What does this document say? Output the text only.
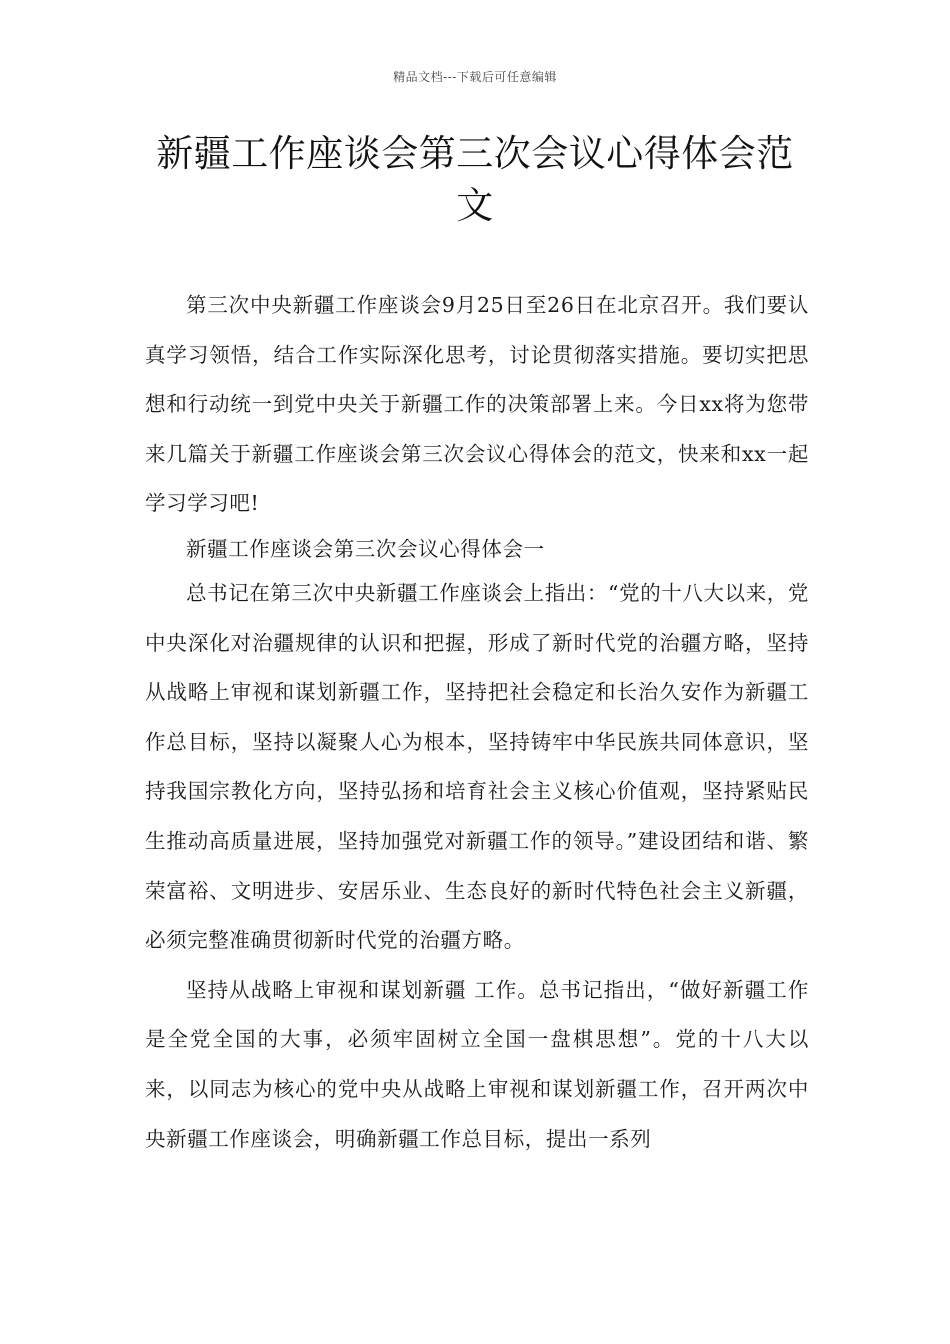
精品文档---下载后可任意编辑
新疆工作座谈会第三次会议心得体会范文

第三次中央新疆工作座谈会9月25日至26日在北京召开。我们要认真学习领悟，结合工作实际深化思考，讨论贯彻落实措施。要切实把思想和行动统一到党中央关于新疆工作的决策部署上来。今日xx将为您带来几篇关于新疆工作座谈会第三次会议心得体会的范文，快来和xx一起学习学习吧!

新疆工作座谈会第三次会议心得体会一

总书记在第三次中央新疆工作座谈会上指出：“党的十八大以来，党中央深化对治疆规律的认识和把握，形成了新时代党的治疆方略，坚持从战略上审视和谋划新疆工作，坚持把社会稳定和长治久安作为新疆工作总目标，坚持以凝聚人心为根本，坚持铸牢中华民族共同体意识，坚持我国宗教化方向，坚持弘扬和培育社会主义核心价值观，坚持紧贴民生推动高质量进展，坚持加强党对新疆工作的领导。”建设团结和谐、繁荣富裕、文明进步、安居乐业、生态良好的新时代特色社会主义新疆，必须完整准确贯彻新时代党的治疆方略。

坚持从战略上审视和谋划新疆 工作。总书记指出，“做好新疆工作是全党全国的大事，必须牢固树立全国一盘棋思想”。党的十八大以来，以同志为核心的党中央从战略上审视和谋划新疆工作，召开两次中央新疆工作座谈会，明确新疆工作总目标，提出一系列
